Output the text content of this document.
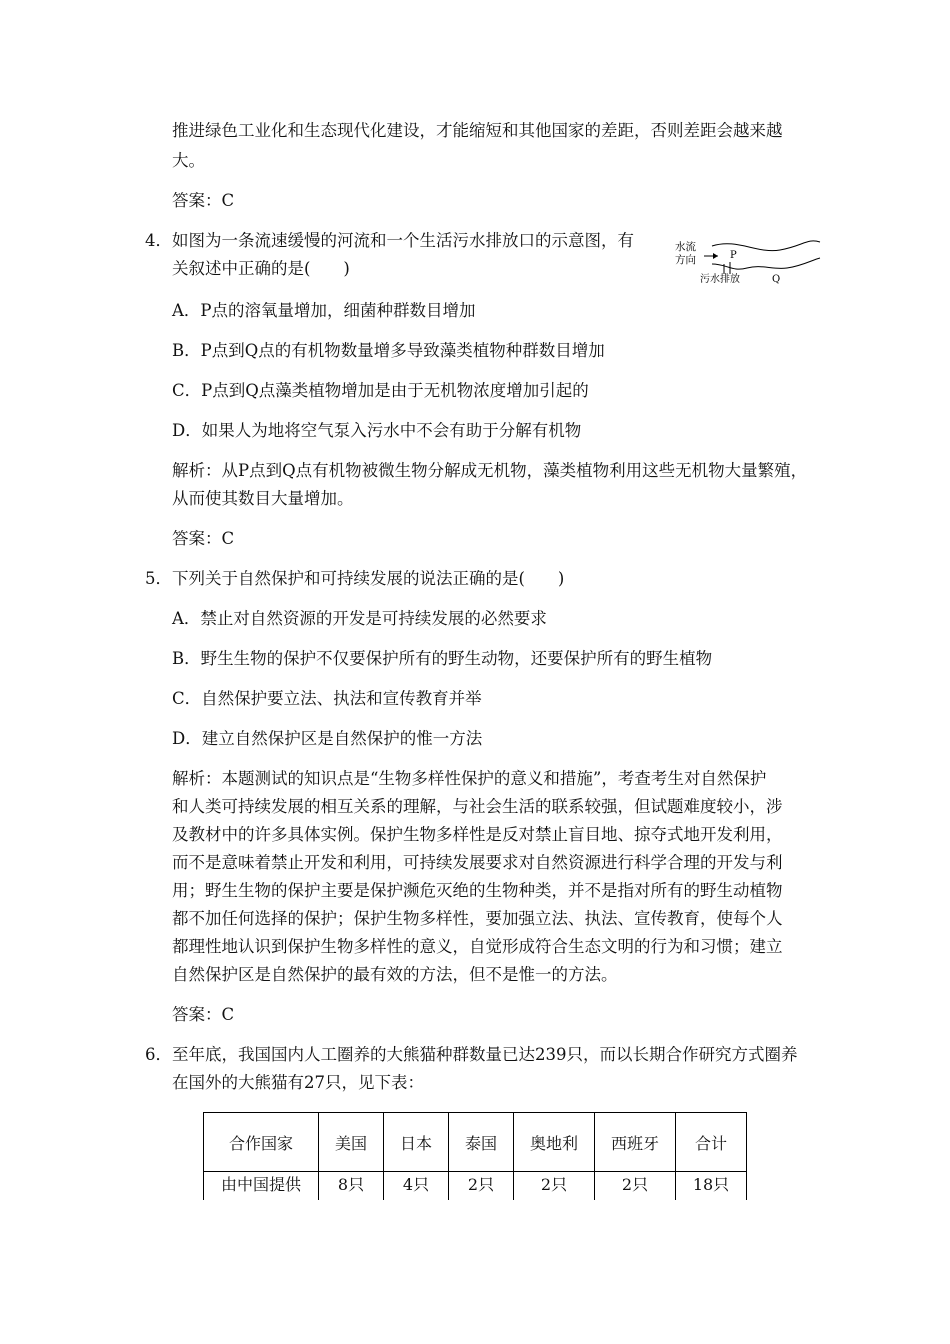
推进绿色工业化和生态现代化建设，才能缩短和其他国家的差距，否则差距会越来越

大。

答案：C

4． 如图为一条流速缓慢的河流和一个生活污水排放口的示意图，有

关叙述中正确的是(　　)

水流
方向	P
污水排放	Q

A．P点的溶氧量增加，细菌种群数目增加

B．P点到Q点的有机物数量增多导致藻类植物种群数目增加

C．P点到Q点藻类植物增加是由于无机物浓度增加引起的

D．如果人为地将空气泵入污水中不会有助于分解有机物

解析：从P点到Q点有机物被微生物分解成无机物，藻类植物利用这些无机物大量繁殖，

从而使其数目大量增加。

答案：C

5． 下列关于自然保护和可持续发展的说法正确的是(　　)

A．禁止对自然资源的开发是可持续发展的必然要求

B．野生生物的保护不仅要保护所有的野生动物，还要保护所有的野生植物

C．自然保护要立法、执法和宣传教育并举

D．建立自然保护区是自然保护的惟一方法

解析：本题测试的知识点是“生物多样性保护的意义和措施”，考查考生对自然保护

和人类可持续发展的相互关系的理解，与社会生活的联系较强，但试题难度较小，涉

及教材中的许多具体实例。保护生物多样性是反对禁止盲目地、掠夺式地开发利用，

而不是意味着禁止开发和利用，可持续发展要求对自然资源进行科学合理的开发与利

用；野生生物的保护主要是保护濒危灭绝的生物种类，并不是指对所有的野生动植物

都不加任何选择的保护；保护生物多样性，要加强立法、执法、宣传教育，使每个人

都理性地认识到保护生物多样性的意义，自觉形成符合生态文明的行为和习惯；建立

自然保护区是自然保护的最有效的方法，但不是惟一的方法。

答案：C

6． 至年底，我国国内人工圈养的大熊猫种群数量已达239只，而以长期合作研究方式圈养

在国外的大熊猫有27只，见下表：

合作国家	美国	日本	泰国	奥地利	西班牙	合计
由中国提供	8只	4只	2只	2只	2只	18只
